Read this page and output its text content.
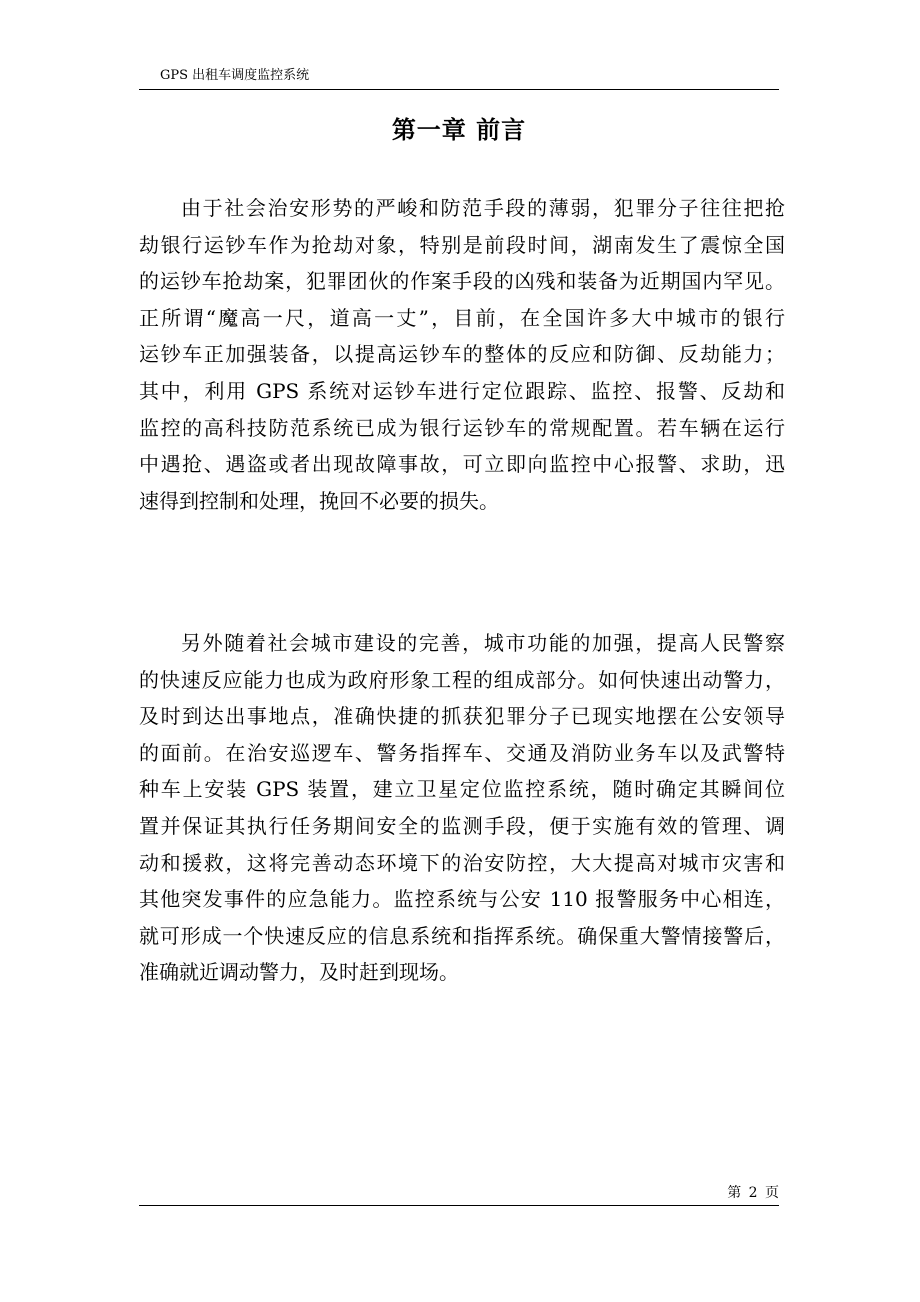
GPS 出租车调度监控系统
第一章 前言
由于社会治安形势的严峻和防范手段的薄弱，犯罪分子往往把抢
劫银行运钞车作为抢劫对象，特别是前段时间，湖南发生了震惊全国
的运钞车抢劫案，犯罪团伙的作案手段的凶残和装备为近期国内罕见。
正所谓“魔高一尺，道高一丈”，目前，在全国许多大中城市的银行
运钞车正加强装备，以提高运钞车的整体的反应和防御、反劫能力；
其中，利用 GPS 系统对运钞车进行定位跟踪、监控、报警、反劫和
监控的高科技防范系统已成为银行运钞车的常规配置。若车辆在运行
中遇抢、遇盗或者出现故障事故，可立即向监控中心报警、求助，迅
速得到控制和处理，挽回不必要的损失。
另外随着社会城市建设的完善，城市功能的加强，提高人民警察
的快速反应能力也成为政府形象工程的组成部分。如何快速出动警力，
及时到达出事地点，准确快捷的抓获犯罪分子已现实地摆在公安领导
的面前。在治安巡逻车、警务指挥车、交通及消防业务车以及武警特
种车上安装 GPS 装置，建立卫星定位监控系统，随时确定其瞬间位
置并保证其执行任务期间安全的监测手段，便于实施有效的管理、调
动和援救，这将完善动态环境下的治安防控，大大提高对城市灾害和
其他突发事件的应急能力。监控系统与公安 110 报警服务中心相连，
就可形成一个快速反应的信息系统和指挥系统。确保重大警情接警后，
准确就近调动警力，及时赶到现场。
第 2 页
